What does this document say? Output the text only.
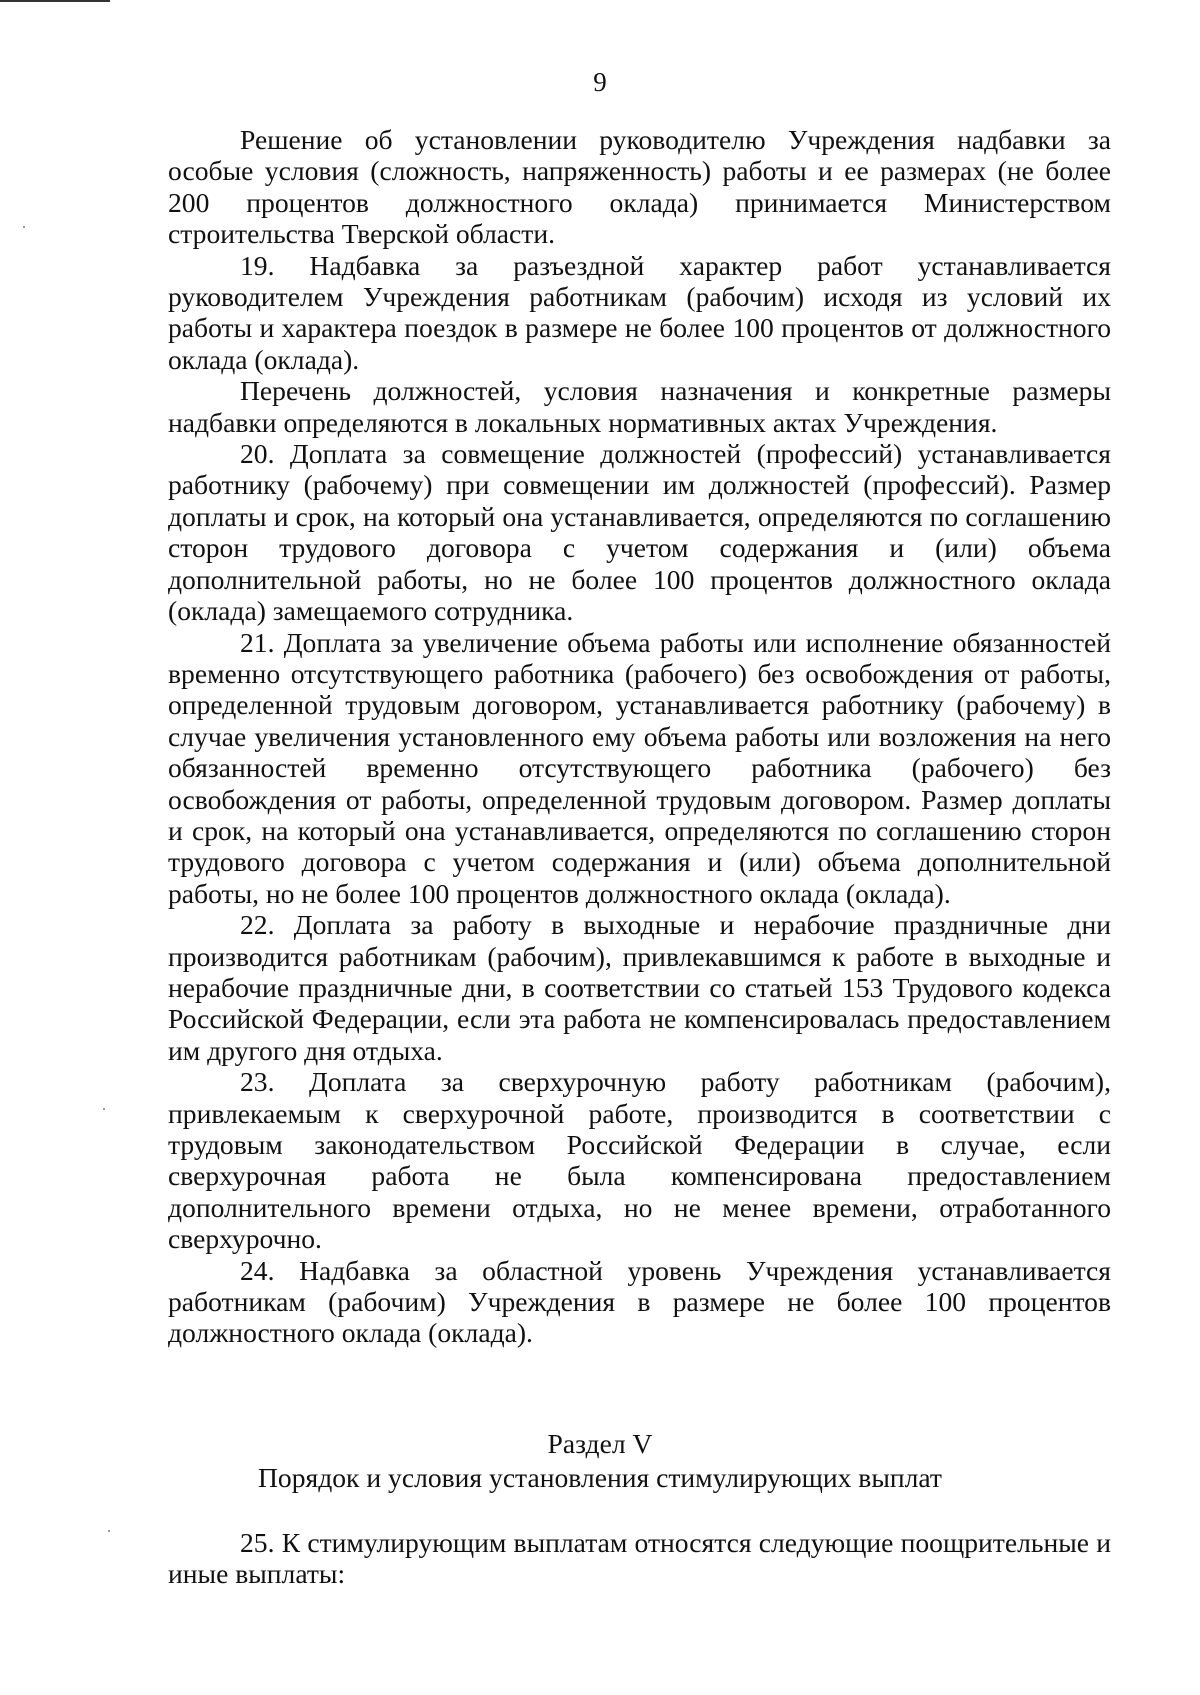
9

Решение об установлении руководителю Учреждения надбавки за особые условия (сложность, напряженность) работы и ее размерах (не более 200 процентов должностного оклада) принимается Министерством строительства Тверской области.

19. Надбавка за разъездной характер работ устанавливается руководителем Учреждения работникам (рабочим) исходя из условий их работы и характера поездок в размере не более 100 процентов от должностного оклада (оклада).

Перечень должностей, условия назначения и конкретные размеры надбавки определяются в локальных нормативных актах Учреждения.

20. Доплата за совмещение должностей (профессий) устанавливается работнику (рабочему) при совмещении им должностей (профессий). Размер доплаты и срок, на который она устанавливается, определяются по соглашению сторон трудового договора с учетом содержания и (или) объема дополнительной работы, но не более 100 процентов должностного оклада (оклада) замещаемого сотрудника.

21. Доплата за увеличение объема работы или исполнение обязанностей временно отсутствующего работника (рабочего) без освобождения от работы, определенной трудовым договором, устанавливается работнику (рабочему) в случае увеличения установленного ему объема работы или возложения на него обязанностей временно отсутствующего работника (рабочего) без освобождения от работы, определенной трудовым договором. Размер доплаты и срок, на который она устанавливается, определяются по соглашению сторон трудового договора с учетом содержания и (или) объема дополнительной работы, но не более 100 процентов должностного оклада (оклада).

22. Доплата за работу в выходные и нерабочие праздничные дни производится работникам (рабочим), привлекавшимся к работе в выходные и нерабочие праздничные дни, в соответствии со статьей 153 Трудового кодекса Российской Федерации, если эта работа не компенсировалась предоставлением им другого дня отдыха.

23. Доплата за сверхурочную работу работникам (рабочим), привлекаемым к сверхурочной работе, производится в соответствии с трудовым законодательством Российской Федерации в случае, если сверхурочная работа не была компенсирована предоставлением дополнительного времени отдыха, но не менее времени, отработанного сверхурочно.

24. Надбавка за областной уровень Учреждения устанавливается работникам (рабочим) Учреждения в размере не более 100 процентов должностного оклада (оклада).

Раздел V
Порядок и условия установления стимулирующих выплат

25. К стимулирующим выплатам относятся следующие поощрительные и иные выплаты:
